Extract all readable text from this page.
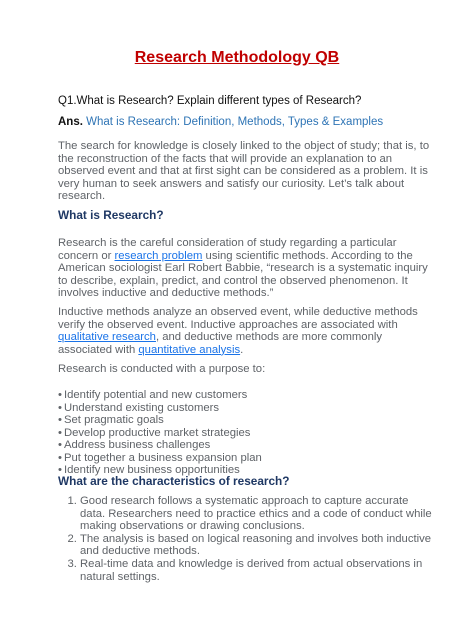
Research Methodology QB
Q1.What is Research? Explain different types of Research?
Ans. What is Research: Definition, Methods, Types & Examples
The search for knowledge is closely linked to the object of study; that is, to the reconstruction of the facts that will provide an explanation to an observed event and that at first sight can be considered as a problem. It is very human to seek answers and satisfy our curiosity. Let’s talk about research.
What is Research?
Research is the careful consideration of study regarding a particular concern or research problem using scientific methods. According to the American sociologist Earl Robert Babbie, “research is a systematic inquiry to describe, explain, predict, and control the observed phenomenon. It involves inductive and deductive methods.”
Inductive methods analyze an observed event, while deductive methods verify the observed event. Inductive approaches are associated with qualitative research, and deductive methods are more commonly associated with quantitative analysis.
Research is conducted with a purpose to:
• Identify potential and new customers
• Understand existing customers
• Set pragmatic goals
• Develop productive market strategies
• Address business challenges
• Put together a business expansion plan
• Identify new business opportunities
What are the characteristics of research?
1. Good research follows a systematic approach to capture accurate data. Researchers need to practice ethics and a code of conduct while making observations or drawing conclusions.
2. The analysis is based on logical reasoning and involves both inductive and deductive methods.
3. Real-time data and knowledge is derived from actual observations in natural settings.
